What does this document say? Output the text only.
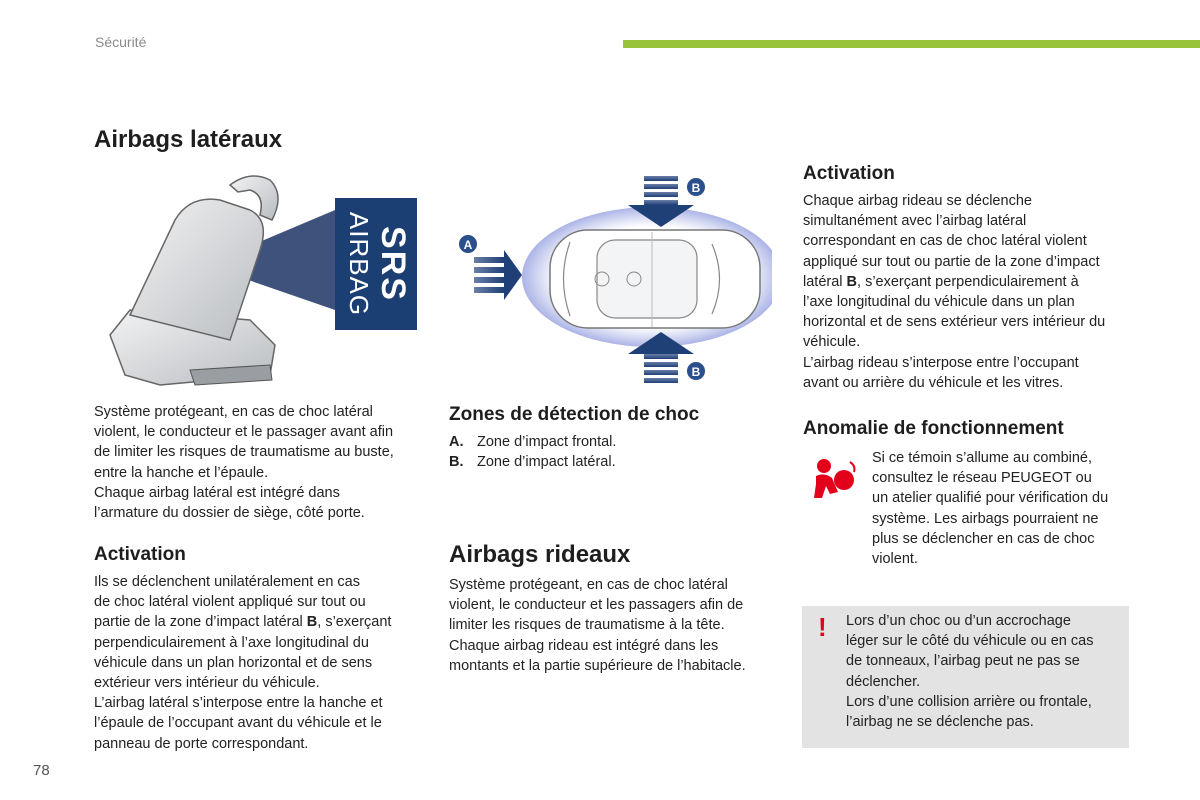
Sécurité
Airbags latéraux
SRS
AIRBAG

Système protégeant, en cas de choc latéral

violent, le conducteur et le passager avant afin

de limiter les risques de traumatisme au buste,

entre la hanche et l’épaule.

Chaque airbag latéral est intégré dans

l’armature du dossier de siège, côté porte.

Activation

Ils se déclenchent unilatéralement en cas

de choc latéral violent appliqué sur tout ou

partie de la zone d’impact latéral B, s’exerçant

perpendiculairement à l’axe longitudinal du

véhicule dans un plan horizontal et de sens

extérieur vers intérieur du véhicule.

L’airbag latéral s’interpose entre la hanche et

l’épaule de l’occupant avant du véhicule et le

panneau de porte correspondant.

A
B
B
Zones de détection de choc
A. Zone d’impact frontal.
B. Zone d’impact latéral.
Airbags rideaux

Système protégeant, en cas de choc latéral

violent, le conducteur et les passagers afin de

limiter les risques de traumatisme à la tête.

Chaque airbag rideau est intégré dans les

montants et la partie supérieure de l’habitacle.

Activation

Chaque airbag rideau se déclenche

simultanément avec l’airbag latéral

correspondant en cas de choc latéral violent

appliqué sur tout ou partie de la zone d’impact

latéral B, s’exerçant perpendiculairement à

l’axe longitudinal du véhicule dans un plan

horizontal et de sens extérieur vers intérieur du

véhicule.

L’airbag rideau s’interpose entre l’occupant

avant ou arrière du véhicule et les vitres.

Anomalie de fonctionnement

Si ce témoin s’allume au combiné,

consultez le réseau PEUGEOT ou

un atelier qualifié pour vérification du

système. Les airbags pourraient ne

plus se déclencher en cas de choc

violent.

! Lors d’un choc ou d’un accrochage

léger sur le côté du véhicule ou en cas

de tonneaux, l’airbag peut ne pas se

déclencher.

Lors d’une collision arrière ou frontale,

l’airbag ne se déclenche pas.

78
